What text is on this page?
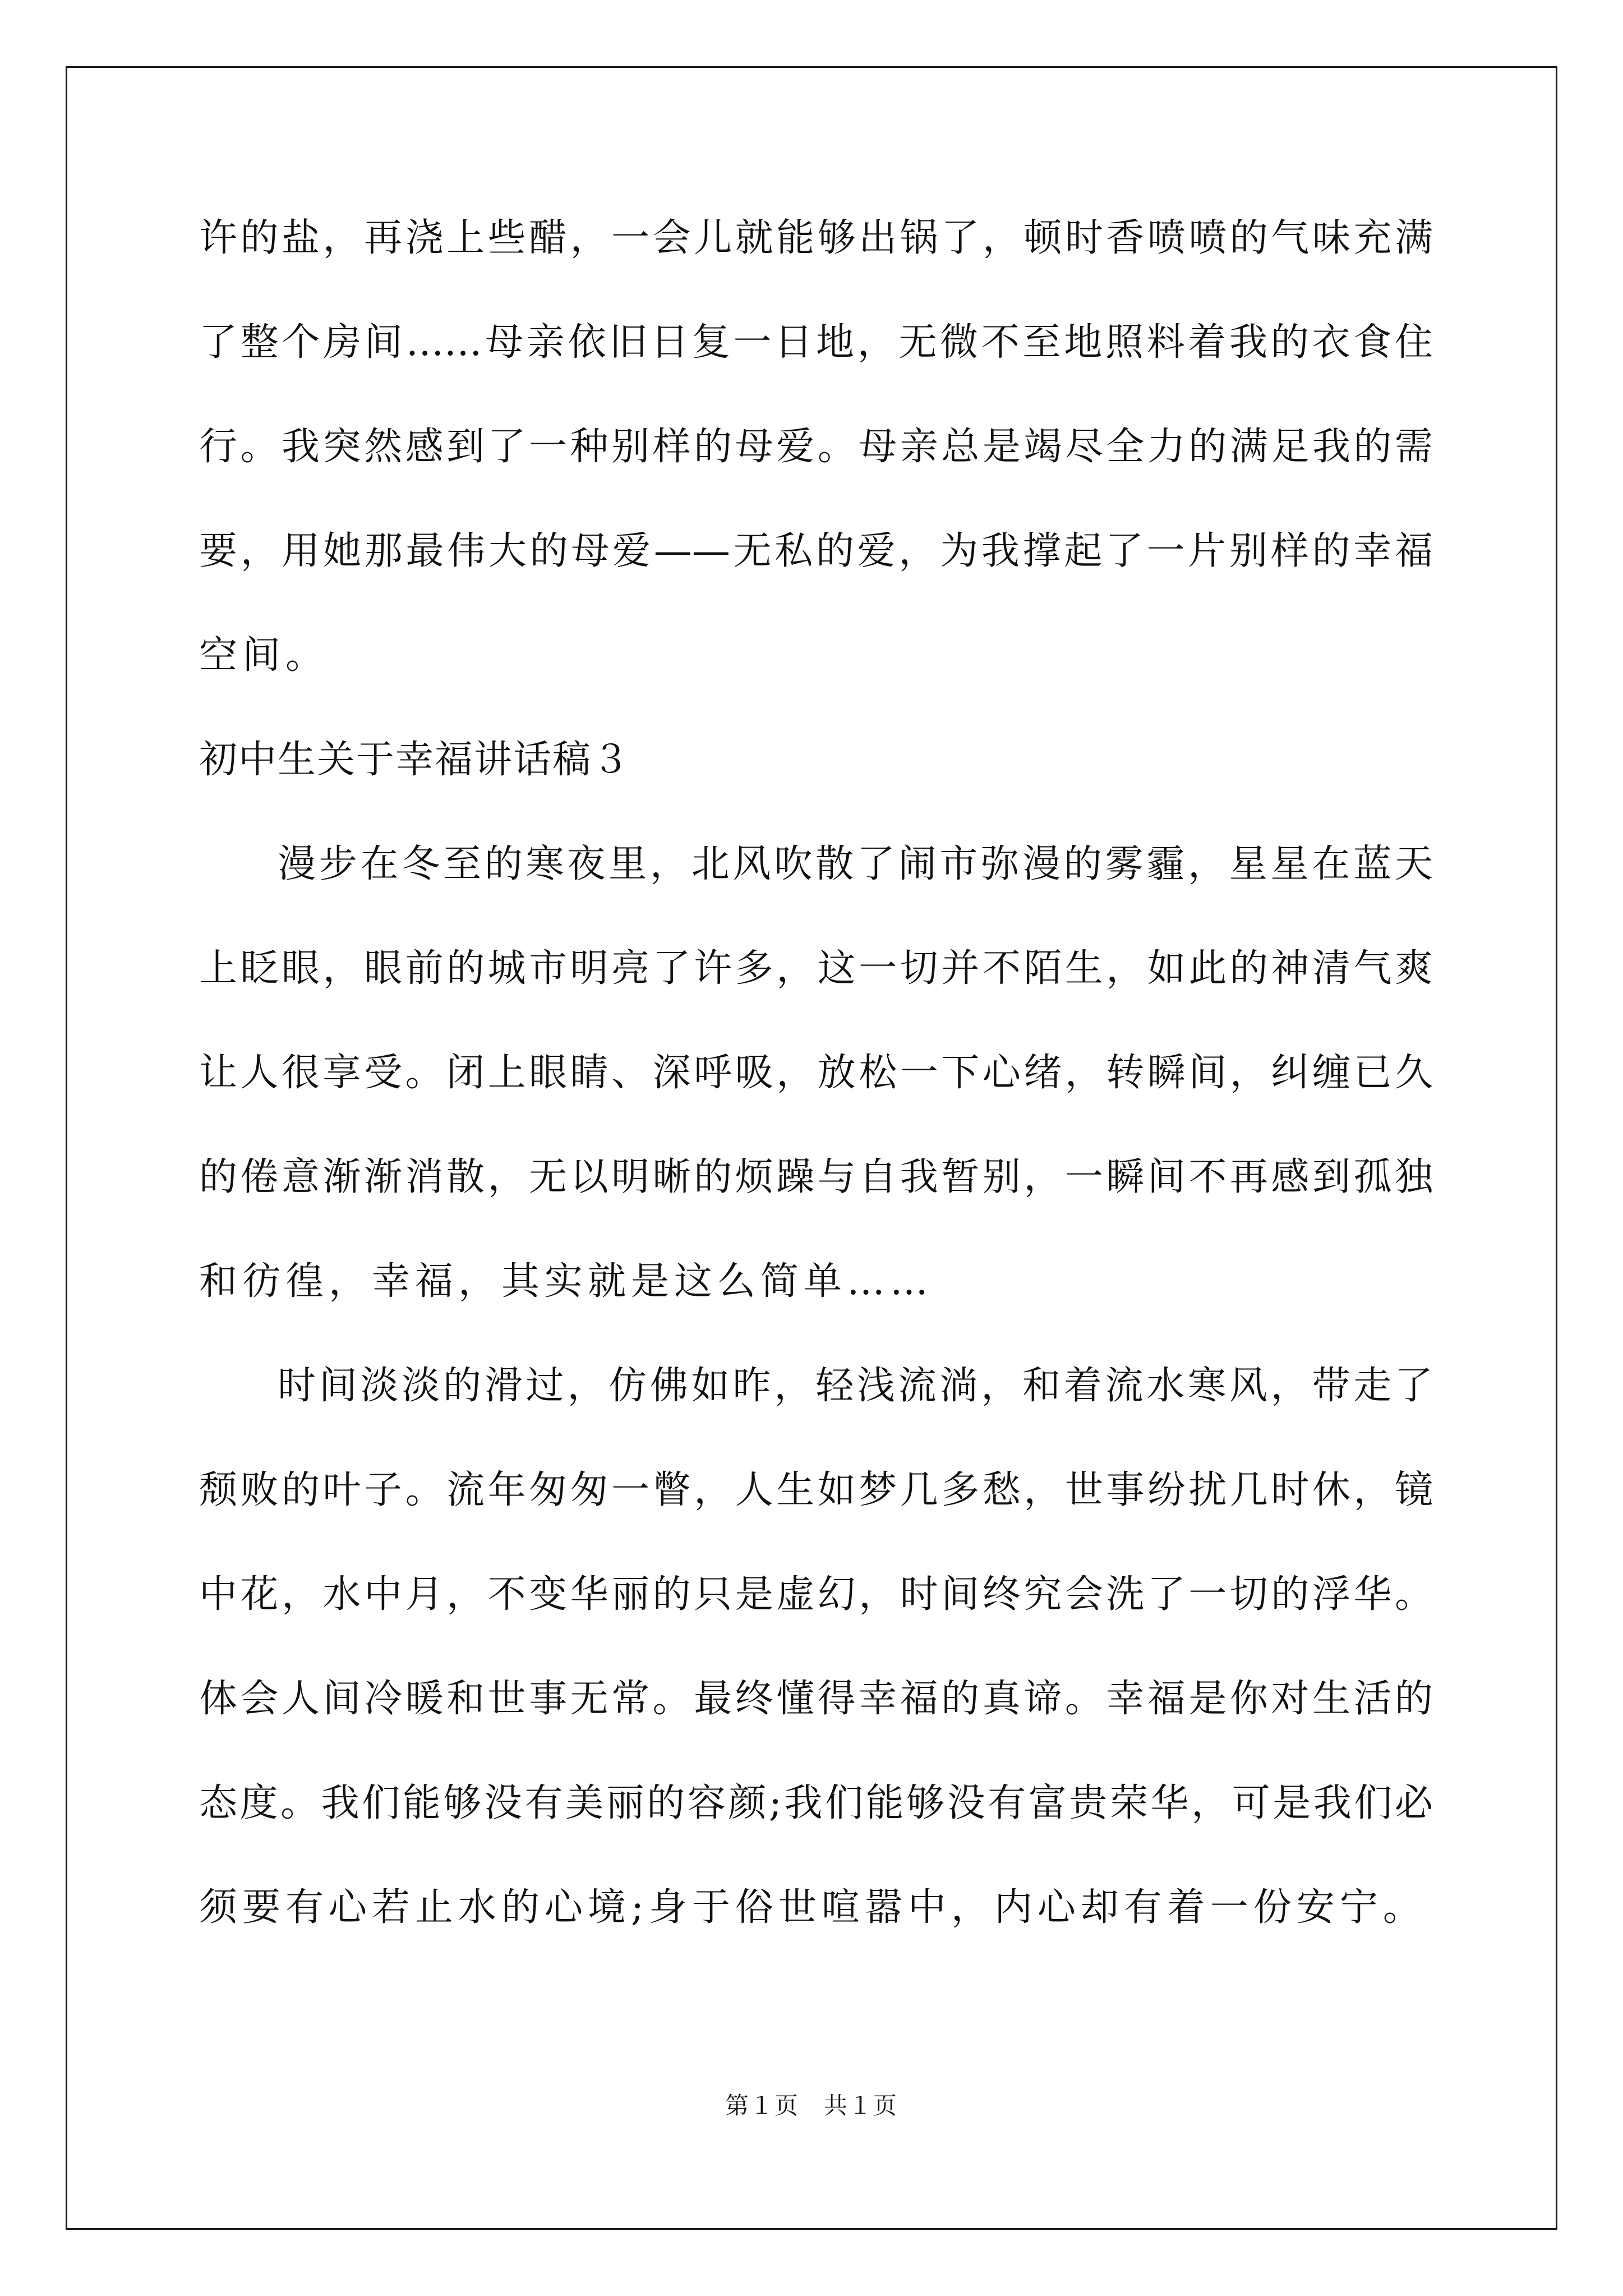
许的盐，再浇上些醋，一会儿就能够出锅了，顿时香喷喷的气味充满
了整个房间……母亲依旧日复一日地，无微不至地照料着我的衣食住
行。我突然感到了一种别样的母爱。母亲总是竭尽全力的满足我的需
要，用她那最伟大的母爱——无私的爱，为我撑起了一片别样的幸福
空间。
初中生关于幸福讲话稿３
漫步在冬至的寒夜里，北风吹散了闹市弥漫的雾霾，星星在蓝天
上眨眼，眼前的城市明亮了许多，这一切并不陌生，如此的神清气爽
让人很享受。闭上眼睛、深呼吸，放松一下心绪，转瞬间，纠缠已久
的倦意渐渐消散，无以明晰的烦躁与自我暂别，一瞬间不再感到孤独
和彷徨，幸福，其实就是这么简单……
时间淡淡的滑过，仿佛如昨，轻浅流淌，和着流水寒风，带走了
颓败的叶子。流年匆匆一瞥，人生如梦几多愁，世事纷扰几时休，镜
中花，水中月，不变华丽的只是虚幻，时间终究会洗了一切的浮华。
体会人间冷暖和世事无常。最终懂得幸福的真谛。幸福是你对生活的
态度。我们能够没有美丽的容颜;我们能够没有富贵荣华，可是我们必
须要有心若止水的心境;身于俗世喧嚣中，内心却有着一份安宁。
第１页　共１页
